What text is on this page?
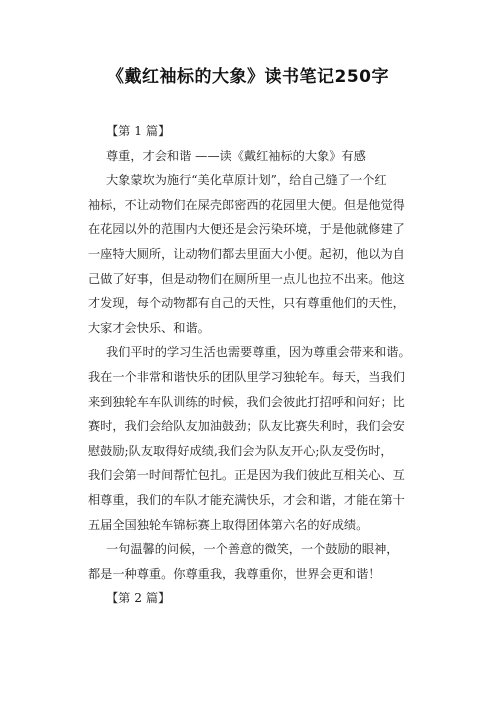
《戴红袖标的大象》读书笔记250字
【第 1 篇】
尊重，才会和谐 ——读《戴红袖标的大象》有感
大象蒙坎为施行“美化草原计划”，给自己缝了一个红
袖标，不让动物们在屎壳郎密西的花园里大便。但是他觉得
在花园以外的范围内大便还是会污染环境，于是他就修建了
一座特大厕所，让动物们都去里面大小便。起初，他以为自
己做了好事，但是动物们在厕所里一点儿也拉不出来。他这
才发现，每个动物都有自己的天性，只有尊重他们的天性，
大家才会快乐、和谐。
我们平时的学习生活也需要尊重，因为尊重会带来和谐。
我在一个非常和谐快乐的团队里学习独轮车。每天，当我们
来到独轮车车队训练的时候，我们会彼此打招呼和问好；比
赛时，我们会给队友加油鼓劲；队友比赛失利时，我们会安
慰鼓励;队友取得好成绩,我们会为队友开心;队友受伤时，
我们会第一时间帮忙包扎。正是因为我们彼此互相关心、互
相尊重，我们的车队才能充满快乐，才会和谐，才能在第十
五届全国独轮车锦标赛上取得团体第六名的好成绩。
一句温馨的问候，一个善意的微笑，一个鼓励的眼神，
都是一种尊重。你尊重我，我尊重你，世界会更和谐！
【第 2 篇】
